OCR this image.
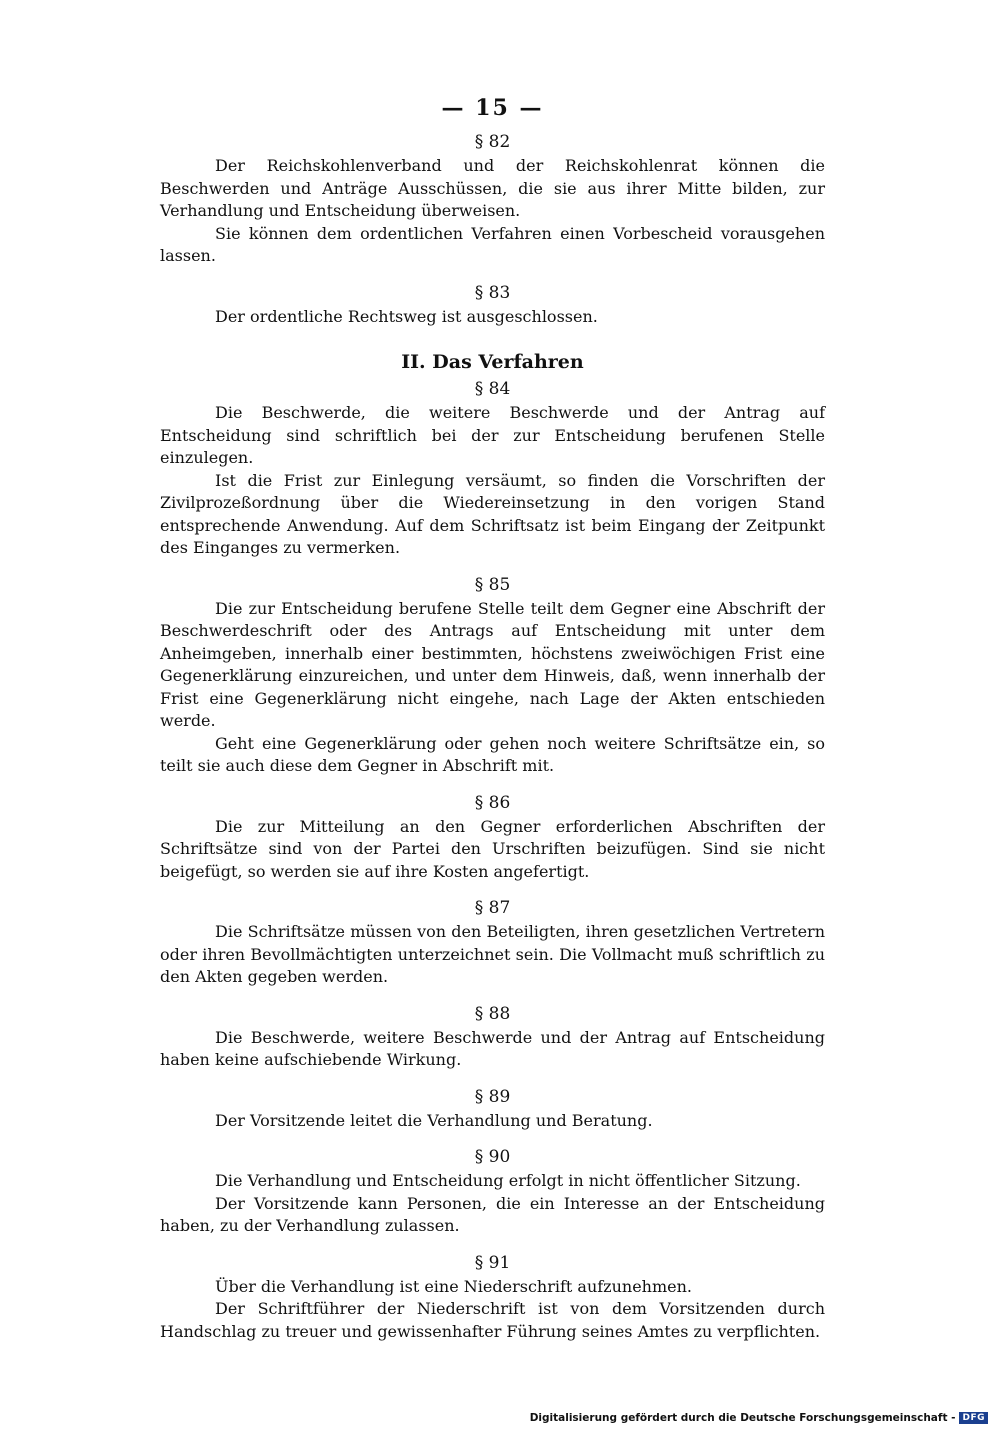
— 15 —
§ 82

Der Reichskohlenverband und der Reichskohlenrat können die Beschwerden und Anträge Ausschüssen, die sie aus ihrer Mitte bilden, zur Verhandlung und Entscheidung überweisen.

Sie können dem ordentlichen Verfahren einen Vorbescheid vorausgehen lassen.

§ 83

Der ordentliche Rechtsweg ist ausgeschlossen.

II. Das Verfahren
§ 84

Die Beschwerde, die weitere Beschwerde und der Antrag auf Entscheidung sind schriftlich bei der zur Entscheidung berufenen Stelle einzulegen.

Ist die Frist zur Einlegung versäumt, so finden die Vorschriften der Zivilprozeßordnung über die Wiedereinsetzung in den vorigen Stand entsprechende Anwendung. Auf dem Schriftsatz ist beim Eingang der Zeitpunkt des Einganges zu vermerken.

§ 85

Die zur Entscheidung berufene Stelle teilt dem Gegner eine Abschrift der Beschwerdeschrift oder des Antrags auf Entscheidung mit unter dem Anheimgeben, innerhalb einer bestimmten, höchstens zweiwöchigen Frist eine Gegenerklärung einzureichen, und unter dem Hinweis, daß, wenn innerhalb der Frist eine Gegenerklärung nicht eingehe, nach Lage der Akten entschieden werde.

Geht eine Gegenerklärung oder gehen noch weitere Schriftsätze ein, so teilt sie auch diese dem Gegner in Abschrift mit.

§ 86

Die zur Mitteilung an den Gegner erforderlichen Abschriften der Schriftsätze sind von der Partei den Urschriften beizufügen. Sind sie nicht beigefügt, so werden sie auf ihre Kosten angefertigt.

§ 87

Die Schriftsätze müssen von den Beteiligten, ihren gesetzlichen Vertretern oder ihren Bevollmächtigten unterzeichnet sein. Die Vollmacht muß schriftlich zu den Akten gegeben werden.

§ 88

Die Beschwerde, weitere Beschwerde und der Antrag auf Entscheidung haben keine aufschiebende Wirkung.

§ 89

Der Vorsitzende leitet die Verhandlung und Beratung.

§ 90

Die Verhandlung und Entscheidung erfolgt in nicht öffentlicher Sitzung.

Der Vorsitzende kann Personen, die ein Interesse an der Entscheidung haben, zu der Verhandlung zulassen.

§ 91

Über die Verhandlung ist eine Niederschrift aufzunehmen.

Der Schriftführer der Niederschrift ist von dem Vorsitzenden durch Handschlag zu treuer und gewissenhafter Führung seines Amtes zu verpflichten.

Digitalisierung gefördert durch die Deutsche Forschungsgemeinschaft - DFG
